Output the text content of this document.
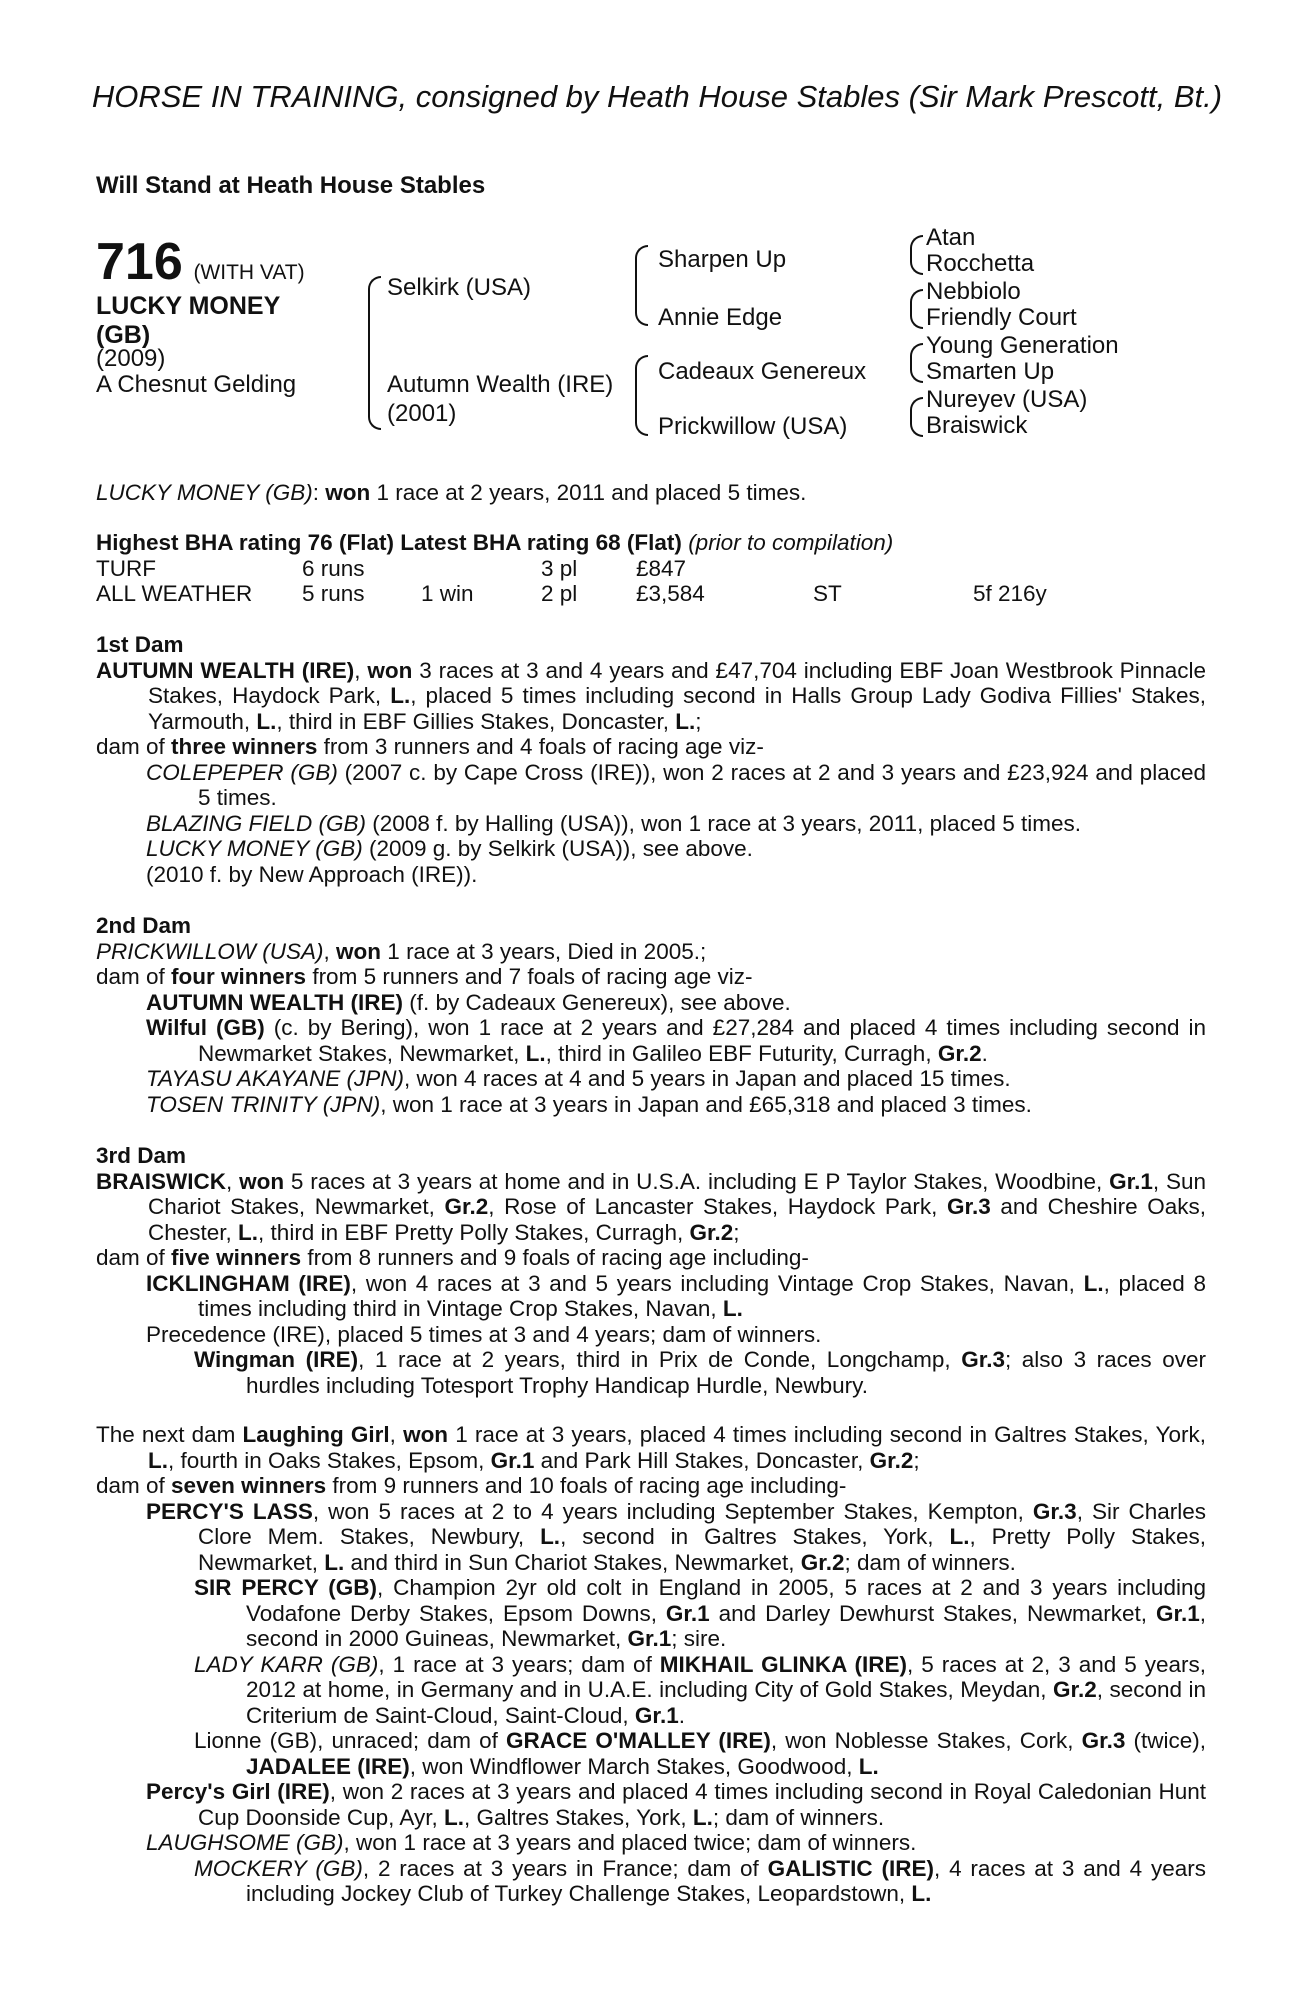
HORSE IN TRAINING, consigned by Heath House Stables (Sir Mark Prescott, Bt.)
Will Stand at Heath House Stables
716 (WITH VAT)
LUCKY MONEY (GB)
(2009)
A Chesnut Gelding
Selkirk (USA)
Autumn Wealth (IRE)
(2001)
Sharpen Up
Annie Edge
Cadeaux Genereux
Prickwillow (USA)
Atan
Rocchetta
Nebbiolo
Friendly Court
Young Generation
Smarten Up
Nureyev (USA)
Braiswick
LUCKY MONEY (GB): won 1 race at 2 years, 2011 and placed 5 times.
Highest BHA rating 76 (Flat) Latest BHA rating 68 (Flat) (prior to compilation)
TURF	6 runs	3 pl	£847
ALL WEATHER 5 runs	1 win	2 pl	£3,584	ST	5f 216y
1st Dam
AUTUMN WEALTH (IRE), won 3 races at 3 and 4 years and £47,704 including EBF Joan Westbrook Pinnacle Stakes, Haydock Park, L., placed 5 times including second in Halls Group Lady Godiva Fillies' Stakes, Yarmouth, L., third in EBF Gillies Stakes, Doncaster, L.;
dam of three winners from 3 runners and 4 foals of racing age viz-
COLEPEPER (GB) (2007 c. by Cape Cross (IRE)), won 2 races at 2 and 3 years and £23,924 and placed 5 times.
BLAZING FIELD (GB) (2008 f. by Halling (USA)), won 1 race at 3 years, 2011, placed 5 times.
LUCKY MONEY (GB) (2009 g. by Selkirk (USA)), see above.
(2010 f. by New Approach (IRE)).
2nd Dam
PRICKWILLOW (USA), won 1 race at 3 years, Died in 2005.;
dam of four winners from 5 runners and 7 foals of racing age viz-
AUTUMN WEALTH (IRE) (f. by Cadeaux Genereux), see above.
Wilful (GB) (c. by Bering), won 1 race at 2 years and £27,284 and placed 4 times including second in Newmarket Stakes, Newmarket, L., third in Galileo EBF Futurity, Curragh, Gr.2.
TAYASU AKAYANE (JPN), won 4 races at 4 and 5 years in Japan and placed 15 times.
TOSEN TRINITY (JPN), won 1 race at 3 years in Japan and £65,318 and placed 3 times.
3rd Dam
BRAISWICK, won 5 races at 3 years at home and in U.S.A. including E P Taylor Stakes, Woodbine, Gr.1, Sun Chariot Stakes, Newmarket, Gr.2, Rose of Lancaster Stakes, Haydock Park, Gr.3 and Cheshire Oaks, Chester, L., third in EBF Pretty Polly Stakes, Curragh, Gr.2;
dam of five winners from 8 runners and 9 foals of racing age including-
ICKLINGHAM (IRE), won 4 races at 3 and 5 years including Vintage Crop Stakes, Navan, L., placed 8 times including third in Vintage Crop Stakes, Navan, L.
Precedence (IRE), placed 5 times at 3 and 4 years; dam of winners.
Wingman (IRE), 1 race at 2 years, third in Prix de Conde, Longchamp, Gr.3; also 3 races over hurdles including Totesport Trophy Handicap Hurdle, Newbury.
The next dam Laughing Girl, won 1 race at 3 years, placed 4 times including second in Galtres Stakes, York, L., fourth in Oaks Stakes, Epsom, Gr.1 and Park Hill Stakes, Doncaster, Gr.2;
dam of seven winners from 9 runners and 10 foals of racing age including-
PERCY'S LASS, won 5 races at 2 to 4 years including September Stakes, Kempton, Gr.3, Sir Charles Clore Mem. Stakes, Newbury, L., second in Galtres Stakes, York, L., Pretty Polly Stakes, Newmarket, L. and third in Sun Chariot Stakes, Newmarket, Gr.2; dam of winners.
SIR PERCY (GB), Champion 2yr old colt in England in 2005, 5 races at 2 and 3 years including Vodafone Derby Stakes, Epsom Downs, Gr.1 and Darley Dewhurst Stakes, Newmarket, Gr.1, second in 2000 Guineas, Newmarket, Gr.1; sire.
LADY KARR (GB), 1 race at 3 years; dam of MIKHAIL GLINKA (IRE), 5 races at 2, 3 and 5 years, 2012 at home, in Germany and in U.A.E. including City of Gold Stakes, Meydan, Gr.2, second in Criterium de Saint-Cloud, Saint-Cloud, Gr.1.
Lionne (GB), unraced; dam of GRACE O'MALLEY (IRE), won Noblesse Stakes, Cork, Gr.3 (twice), JADALEE (IRE), won Windflower March Stakes, Goodwood, L.
Percy's Girl (IRE), won 2 races at 3 years and placed 4 times including second in Royal Caledonian Hunt Cup Doonside Cup, Ayr, L., Galtres Stakes, York, L.; dam of winners.
LAUGHSOME (GB), won 1 race at 3 years and placed twice; dam of winners.
MOCKERY (GB), 2 races at 3 years in France; dam of GALISTIC (IRE), 4 races at 3 and 4 years including Jockey Club of Turkey Challenge Stakes, Leopardstown, L.
